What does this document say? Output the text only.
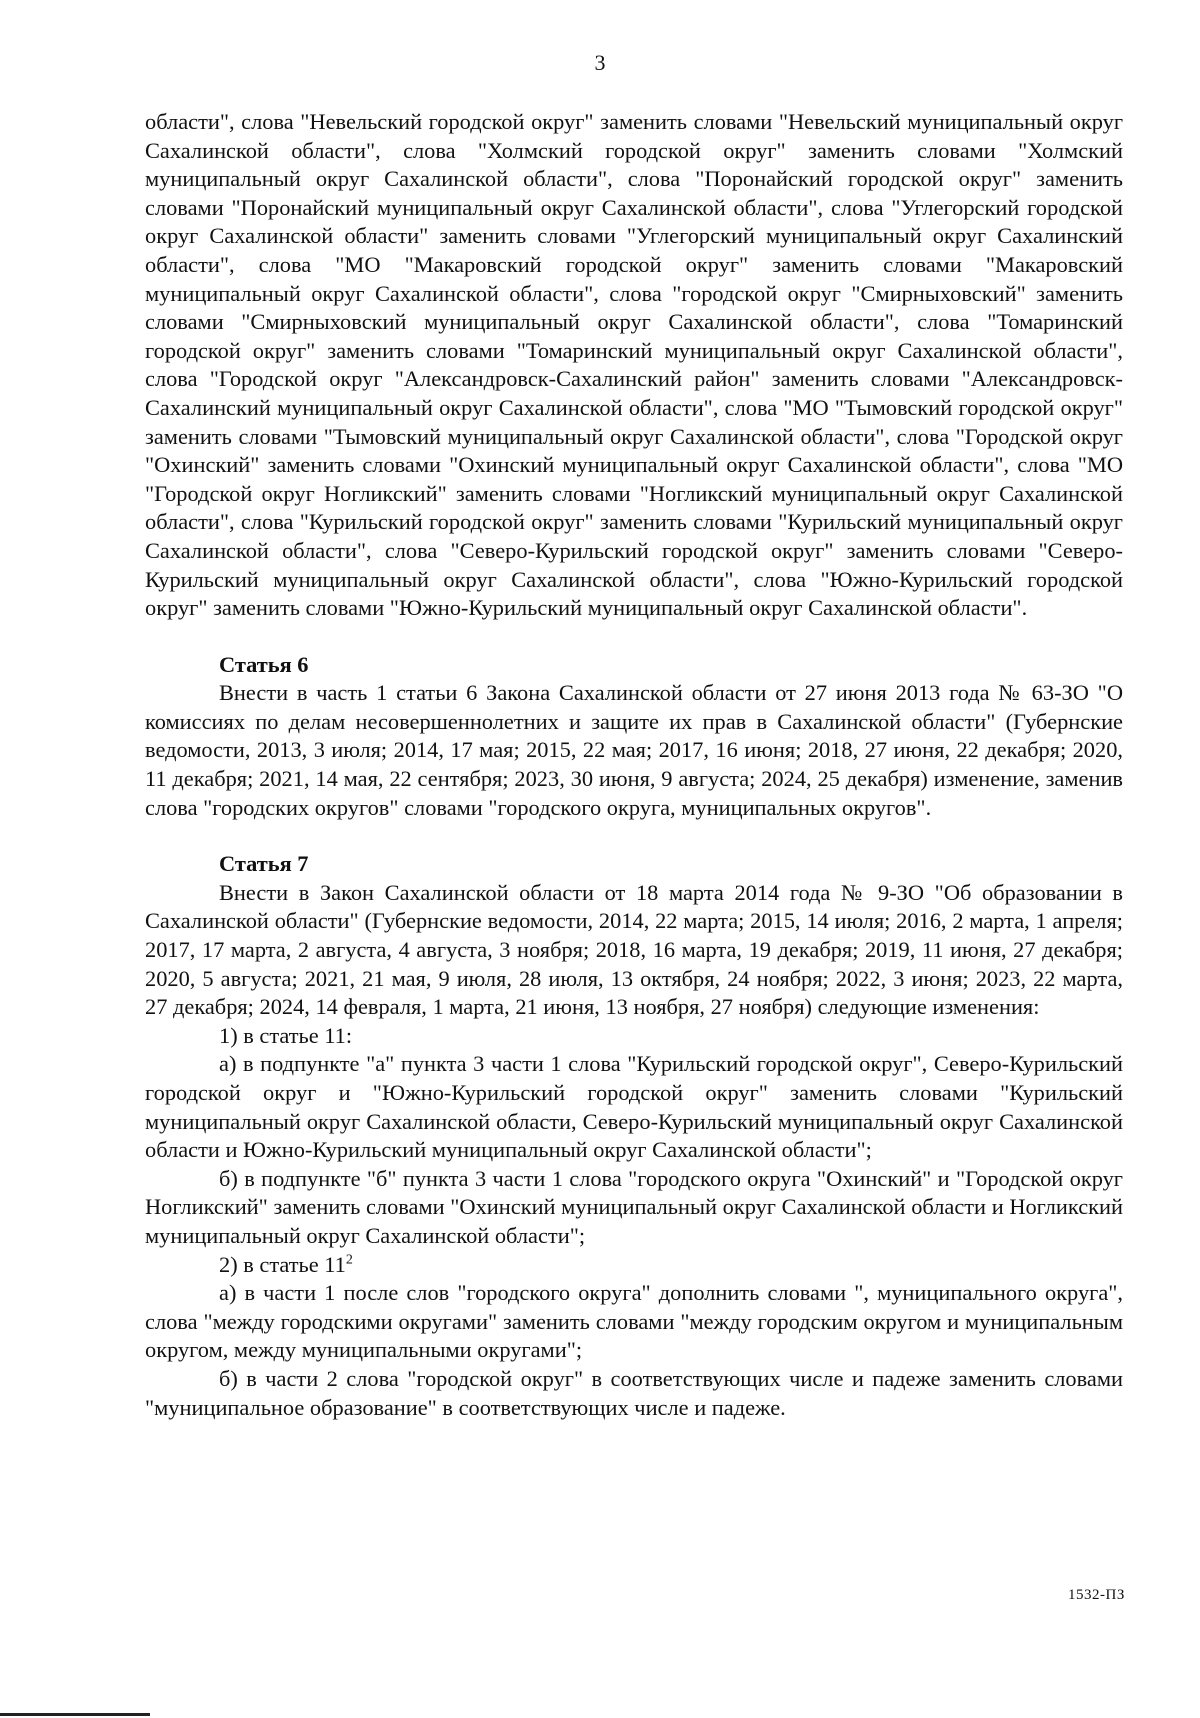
3

области", слова "Невельский городской округ" заменить словами "Невельский муниципальный округ Сахалинской области", слова "Холмский городской округ" заменить словами "Холмский муниципальный округ Сахалинской области", слова "Поронайский городской округ" заменить словами "Поронайский муниципальный округ Сахалинской области", слова "Углегорский городской округ Сахалинской области" заменить словами "Углегорский муниципальный округ Сахалинский области", слова "МО "Макаровский городской округ" заменить словами "Макаровский муниципальный округ Сахалинской области", слова "городской округ "Смирныховский" заменить словами "Смирныховский муниципальный округ Сахалинской области", слова "Томаринский городской округ" заменить словами "Томаринский муниципальный округ Сахалинской области", слова "Городской округ "Александровск-Сахалинский район" заменить словами "Александровск-Сахалинский муниципальный округ Сахалинской области", слова "МО "Тымовский городской округ" заменить словами "Тымовский муниципальный округ Сахалинской области", слова "Городской округ "Охинский" заменить словами "Охинский муниципальный округ Сахалинской области", слова "МО "Городской округ Ногликский" заменить словами "Ногликский муниципальный округ Сахалинской области", слова "Курильский городской округ" заменить словами "Курильский муниципальный округ Сахалинской области", слова "Северо-Курильский городской округ" заменить словами "Северо-Курильский муниципальный округ Сахалинской области", слова "Южно-Курильский городской округ" заменить словами "Южно-Курильский муниципальный округ Сахалинской области".

Статья 6

Внести в часть 1 статьи 6 Закона Сахалинской области от 27 июня 2013 года № 63-ЗО "О комиссиях по делам несовершеннолетних и защите их прав в Сахалинской области" (Губернские ведомости, 2013, 3 июля; 2014, 17 мая; 2015, 22 мая; 2017, 16 июня; 2018, 27 июня, 22 декабря; 2020, 11 декабря; 2021, 14 мая, 22 сентября; 2023, 30 июня, 9 августа; 2024, 25 декабря) изменение, заменив слова "городских округов" словами "городского округа, муниципальных округов".

Статья 7

Внести в Закон Сахалинской области от 18 марта 2014 года № 9-ЗО "Об образовании в Сахалинской области" (Губернские ведомости, 2014, 22 марта; 2015, 14 июля; 2016, 2 марта, 1 апреля; 2017, 17 марта, 2 августа, 4 августа, 3 ноября; 2018, 16 марта, 19 декабря; 2019, 11 июня, 27 декабря; 2020, 5 августа; 2021, 21 мая, 9 июля, 28 июля, 13 октября, 24 ноября; 2022, 3 июня; 2023, 22 марта, 27 декабря; 2024, 14 февраля, 1 марта, 21 июня, 13 ноября, 27 ноября) следующие изменения:

1) в статье 11:

а) в подпункте "а" пункта 3 части 1 слова "Курильский городской округ", Северо-Курильский городской округ и "Южно-Курильский городской округ" заменить словами "Курильский муниципальный округ Сахалинской области, Северо-Курильский муниципальный округ Сахалинской области и Южно-Курильский муниципальный округ Сахалинской области";

б) в подпункте "б" пункта 3 части 1 слова "городского округа "Охинский" и "Городской округ Ногликский" заменить словами "Охинский муниципальный округ Сахалинской области и Ногликский муниципальный округ Сахалинской области";

2) в статье $11^2$

а) в части 1 после слов "городского округа" дополнить словами ", муниципального округа", слова "между городскими округами" заменить словами "между городским округом и муниципальным округом, между муниципальными округами";

б) в части 2 слова "городской округ" в соответствующих числе и падеже заменить словами "муниципальное образование" в соответствующих числе и падеже.

1532-ПЗ
